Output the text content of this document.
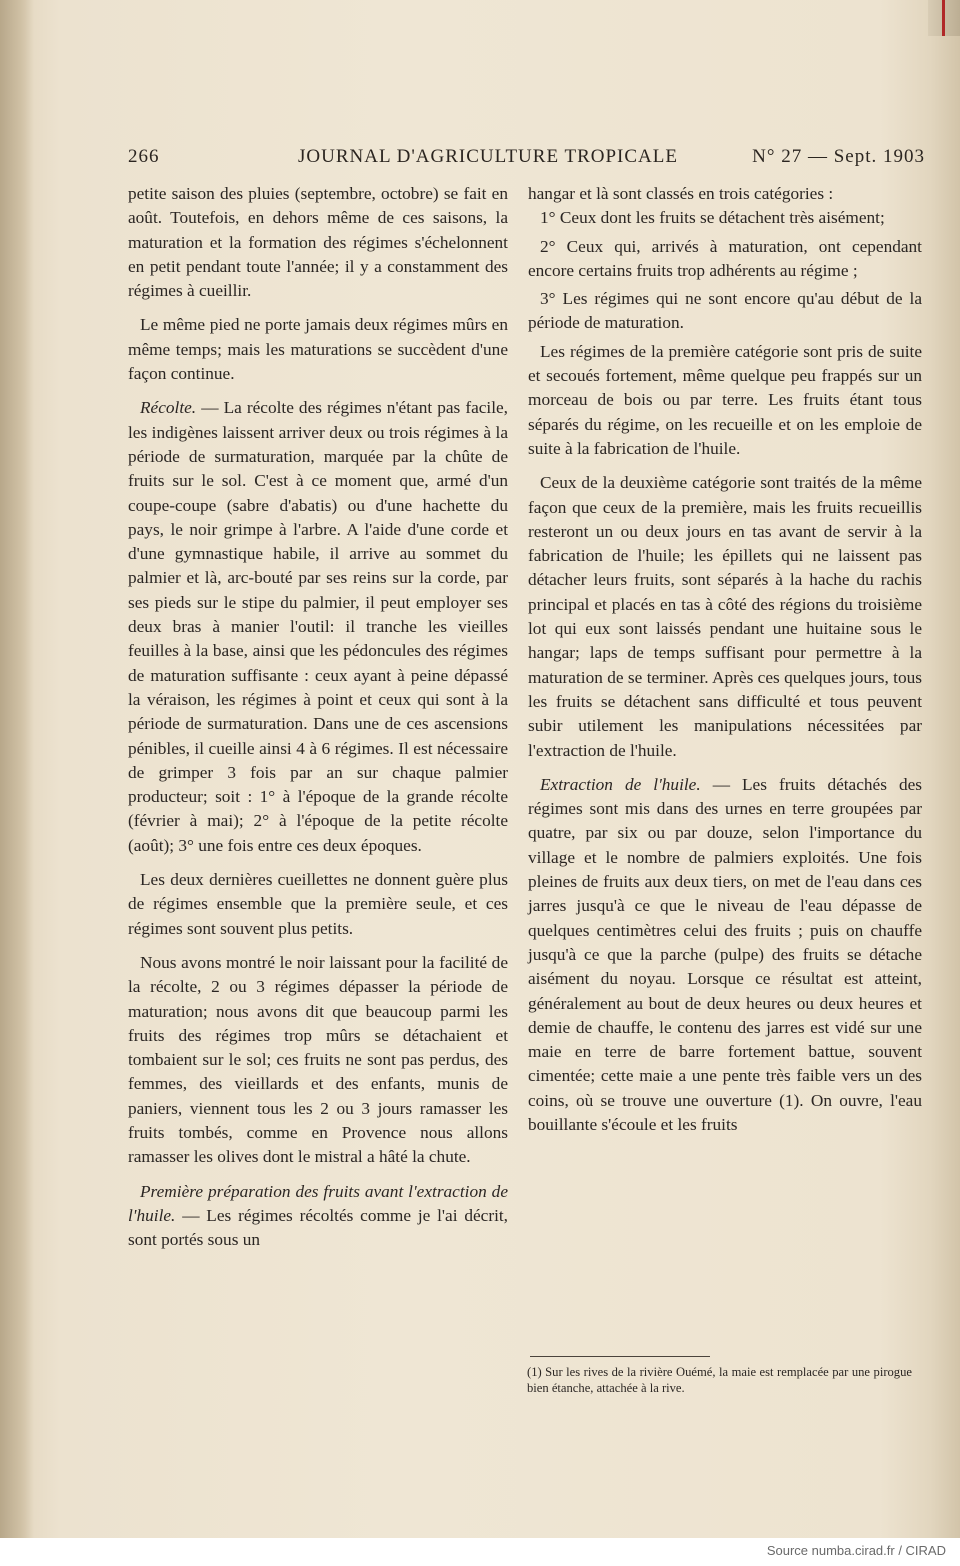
266	JOURNAL D'AGRICULTURE TROPICALE	N° 27 — Sept. 1903

petite saison des pluies (septembre, octobre) se fait en août. Toutefois, en dehors même de ces saisons, la maturation et la formation des régimes s'échelonnent en petit pendant toute l'année; il y a constamment des régimes à cueillir.

Le même pied ne porte jamais deux régimes mûrs en même temps; mais les maturations se succèdent d'une façon continue.

Récolte. — La récolte des régimes n'étant pas facile, les indigènes laissent arriver deux ou trois régimes à la période de surmaturation, marquée par la chûte de fruits sur le sol. C'est à ce moment que, armé d'un coupe-coupe (sabre d'abatis) ou d'une hachette du pays, le noir grimpe à l'arbre. A l'aide d'une corde et d'une gymnastique habile, il arrive au sommet du palmier et là, arc-bouté par ses reins sur la corde, par ses pieds sur le stipe du palmier, il peut employer ses deux bras à manier l'outil: il tranche les vieilles feuilles à la base, ainsi que les pédoncules des régimes de maturation suffisante : ceux ayant à peine dépassé la véraison, les régimes à point et ceux qui sont à la période de surmaturation. Dans une de ces ascensions pénibles, il cueille ainsi 4 à 6 régimes. Il est nécessaire de grimper 3 fois par an sur chaque palmier producteur; soit : 1° à l'époque de la grande récolte (février à mai); 2° à l'époque de la petite récolte (août); 3° une fois entre ces deux époques.

Les deux dernières cueillettes ne donnent guère plus de régimes ensemble que la première seule, et ces régimes sont souvent plus petits.

Nous avons montré le noir laissant pour la facilité de la récolte, 2 ou 3 régimes dépasser la période de maturation; nous avons dit que beaucoup parmi les fruits des régimes trop mûrs se détachaient et tombaient sur le sol; ces fruits ne sont pas perdus, des femmes, des vieillards et des enfants, munis de paniers, viennent tous les 2 ou 3 jours ramasser les fruits tombés, comme en Provence nous allons ramasser les olives dont le mistral a hâté la chute.

Première préparation des fruits avant l'extraction de l'huile. — Les régimes récoltés comme je l'ai décrit, sont portés sous un

hangar et là sont classés en trois catégories :

1° Ceux dont les fruits se détachent très aisément;

2° Ceux qui, arrivés à maturation, ont cependant encore certains fruits trop adhérents au régime ;

3° Les régimes qui ne sont encore qu'au début de la période de maturation.

Les régimes de la première catégorie sont pris de suite et secoués fortement, même quelque peu frappés sur un morceau de bois ou par terre. Les fruits étant tous séparés du régime, on les recueille et on les emploie de suite à la fabrication de l'huile.

Ceux de la deuxième catégorie sont traités de la même façon que ceux de la première, mais les fruits recueillis resteront un ou deux jours en tas avant de servir à la fabrication de l'huile; les épillets qui ne laissent pas détacher leurs fruits, sont séparés à la hache du rachis principal et placés en tas à côté des régions du troisième lot qui eux sont laissés pendant une huitaine sous le hangar; laps de temps suffisant pour permettre à la maturation de se terminer. Après ces quelques jours, tous les fruits se détachent sans difficulté et tous peuvent subir utilement les manipulations nécessitées par l'extraction de l'huile.

Extraction de l'huile. — Les fruits détachés des régimes sont mis dans des urnes en terre groupées par quatre, par six ou par douze, selon l'importance du village et le nombre de palmiers exploités. Une fois pleines de fruits aux deux tiers, on met de l'eau dans ces jarres jusqu'à ce que le niveau de l'eau dépasse de quelques centimètres celui des fruits ; puis on chauffe jusqu'à ce que la parche (pulpe) des fruits se détache aisément du noyau. Lorsque ce résultat est atteint, généralement au bout de deux heures ou deux heures et demie de chauffe, le contenu des jarres est vidé sur une maie en terre de barre fortement battue, souvent cimentée; cette maie a une pente très faible vers un des coins, où se trouve une ouverture (1). On ouvre, l'eau bouillante s'écoule et les fruits

(1) Sur les rives de la rivière Ouémé, la maie est remplacée par une pirogue bien étanche, attachée à la rive.
Source numba.cirad.fr / CIRAD
